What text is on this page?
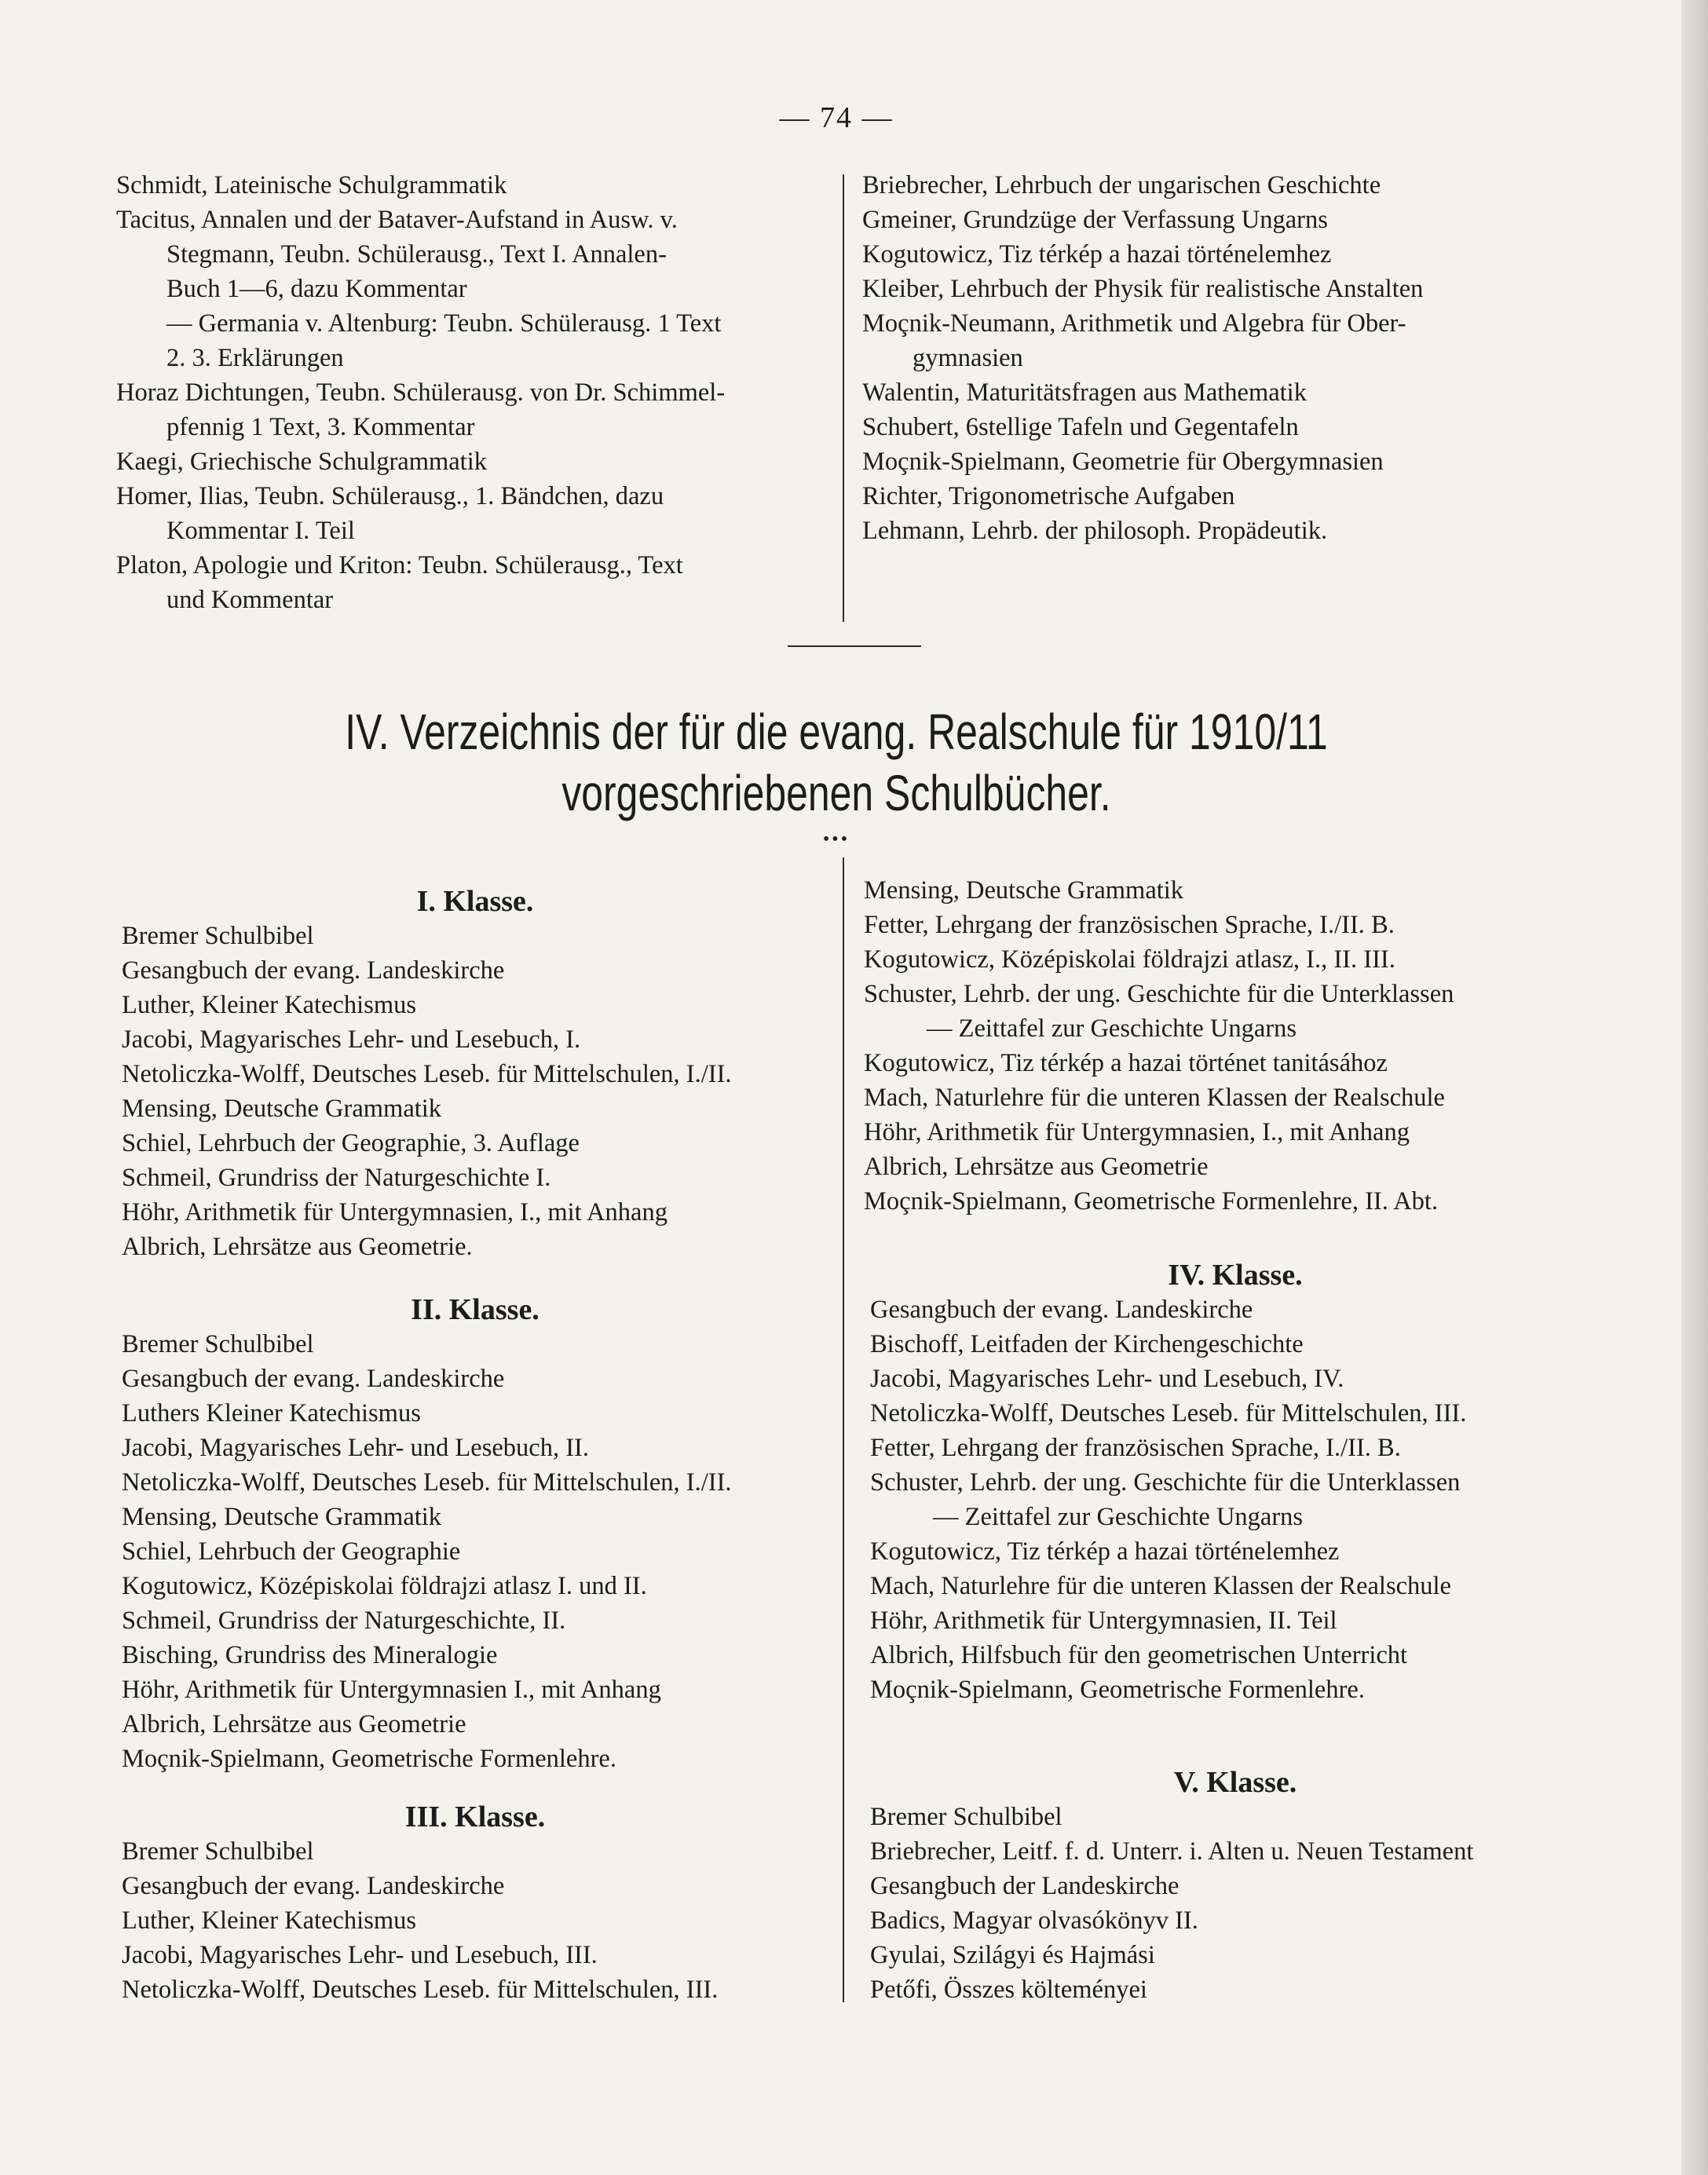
— 74 —
Schmidt, Lateinische Schulgrammatik
Tacitus, Annalen und der Bataver-Aufstand in Ausw. v.
Stegmann, Teubn. Schülerausg., Text I. Annalen-
Buch 1—6, dazu Kommentar
— Germania v. Altenburg: Teubn. Schülerausg. 1 Text
2. 3. Erklärungen
Horaz Dichtungen, Teubn. Schülerausg. von Dr. Schimmel-
pfennig 1 Text, 3. Kommentar
Kaegi, Griechische Schulgrammatik
Homer, Ilias, Teubn. Schülerausg., 1. Bändchen, dazu
Kommentar I. Teil
Platon, Apologie und Kriton: Teubn. Schülerausg., Text
und Kommentar
Briebrecher, Lehrbuch der ungarischen Geschichte
Gmeiner, Grundzüge der Verfassung Ungarns
Kogutowicz, Tiz térkép a hazai történelemhez
Kleiber, Lehrbuch der Physik für realistische Anstalten
Moçnik-Neumann, Arithmetik und Algebra für Ober-
gymnasien
Walentin, Maturitätsfragen aus Mathematik
Schubert, 6stellige Tafeln und Gegentafeln
Moçnik-Spielmann, Geometrie für Obergymnasien
Richter, Trigonometrische Aufgaben
Lehmann, Lehrb. der philosoph. Propädeutik.
IV. Verzeichnis der für die evang. Realschule für 1910/11
vorgeschriebenen Schulbücher.
•••
I. Klasse.
Bremer Schulbibel
Gesangbuch der evang. Landeskirche
Luther, Kleiner Katechismus
Jacobi, Magyarisches Lehr- und Lesebuch, I.
Netoliczka-Wolff, Deutsches Leseb. für Mittelschulen, I./II.
Mensing, Deutsche Grammatik
Schiel, Lehrbuch der Geographie, 3. Auflage
Schmeil, Grundriss der Naturgeschichte I.
Höhr, Arithmetik für Untergymnasien, I., mit Anhang
Albrich, Lehrsätze aus Geometrie.
II. Klasse.
Bremer Schulbibel
Gesangbuch der evang. Landeskirche
Luthers Kleiner Katechismus
Jacobi, Magyarisches Lehr- und Lesebuch, II.
Netoliczka-Wolff, Deutsches Leseb. für Mittelschulen, I./II.
Mensing, Deutsche Grammatik
Schiel, Lehrbuch der Geographie
Kogutowicz, Középiskolai földrajzi atlasz I. und II.
Schmeil, Grundriss der Naturgeschichte, II.
Bisching, Grundriss des Mineralogie
Höhr, Arithmetik für Untergymnasien I., mit Anhang
Albrich, Lehrsätze aus Geometrie
Moçnik-Spielmann, Geometrische Formenlehre.
III. Klasse.
Bremer Schulbibel
Gesangbuch der evang. Landeskirche
Luther, Kleiner Katechismus
Jacobi, Magyarisches Lehr- und Lesebuch, III.
Netoliczka-Wolff, Deutsches Leseb. für Mittelschulen, III.
Mensing, Deutsche Grammatik
Fetter, Lehrgang der französischen Sprache, I./II. B.
Kogutowicz, Középiskolai földrajzi atlasz, I., II. III.
Schuster, Lehrb. der ung. Geschichte für die Unterklassen
— Zeittafel zur Geschichte Ungarns
Kogutowicz, Tiz térkép a hazai történet tanitásához
Mach, Naturlehre für die unteren Klassen der Realschule
Höhr, Arithmetik für Untergymnasien, I., mit Anhang
Albrich, Lehrsätze aus Geometrie
Moçnik-Spielmann, Geometrische Formenlehre, II. Abt.
IV. Klasse.
Gesangbuch der evang. Landeskirche
Bischoff, Leitfaden der Kirchengeschichte
Jacobi, Magyarisches Lehr- und Lesebuch, IV.
Netoliczka-Wolff, Deutsches Leseb. für Mittelschulen, III.
Fetter, Lehrgang der französischen Sprache, I./II. B.
Schuster, Lehrb. der ung. Geschichte für die Unterklassen
— Zeittafel zur Geschichte Ungarns
Kogutowicz, Tiz térkép a hazai történelemhez
Mach, Naturlehre für die unteren Klassen der Realschule
Höhr, Arithmetik für Untergymnasien, II. Teil
Albrich, Hilfsbuch für den geometrischen Unterricht
Moçnik-Spielmann, Geometrische Formenlehre.
V. Klasse.
Bremer Schulbibel
Briebrecher, Leitf. f. d. Unterr. i. Alten u. Neuen Testament
Gesangbuch der Landeskirche
Badics, Magyar olvasókönyv II.
Gyulai, Szilágyi és Hajmási
Petőfi, Összes költeményei
